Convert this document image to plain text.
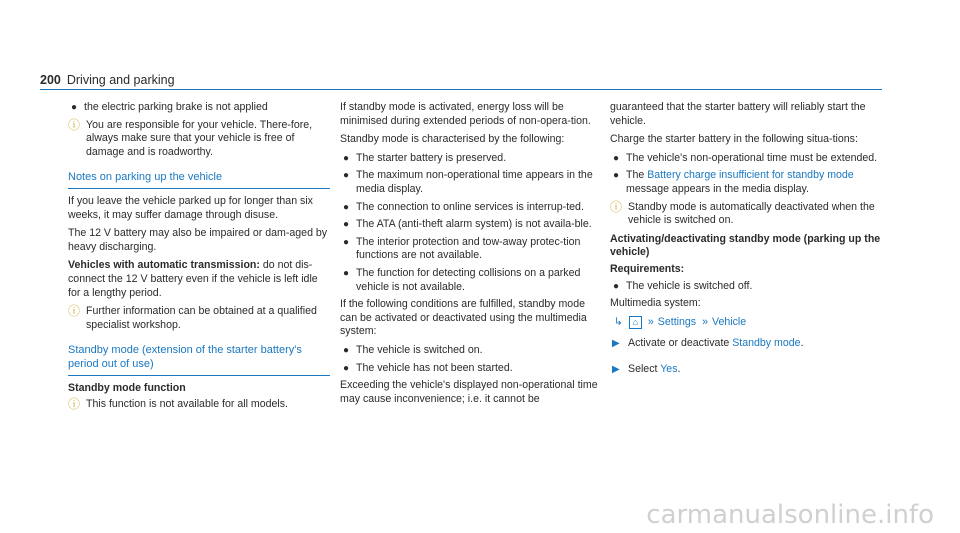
200 Driving and parking
● the electric parking brake is not applied
ⓘ You are responsible for your vehicle. There-fore, always make sure that your vehicle is free of damage and is roadworthy.
Notes on parking up the vehicle

If you leave the vehicle parked up for longer than six weeks, it may suffer damage through disuse.

The 12 V battery may also be impaired or dam-aged by heavy discharging.

Vehicles with automatic transmission: do not dis-connect the 12 V battery even if the vehicle is left idle for a lengthy period.

ⓘ Further information can be obtained at a qualified specialist workshop.
Standby mode (extension of the starter battery's period out of use)
Standby mode function
ⓘ This function is not available for all models.

If standby mode is activated, energy loss will be minimised during extended periods of non-opera-tion.

Standby mode is characterised by the following:

● The starter battery is preserved.
● The maximum non-operational time appears in the media display.
● The connection to online services is interrup-ted.
● The ATA (anti-theft alarm system) is not availa-ble.
● The interior protection and tow-away protec-tion functions are not available.
● The function for detecting collisions on a parked vehicle is not available.

If the following conditions are fulfilled, standby mode can be activated or deactivated using the multimedia system:

● The vehicle is switched on.
● The vehicle has not been started.

Exceeding the vehicle's displayed non-operational time may cause inconvenience; i.e. it cannot be

guaranteed that the starter battery will reliably start the vehicle.

Charge the starter battery in the following situa-tions:

● The vehicle's non-operational time must be extended.
● The Battery charge insufficient for standby mode message appears in the media display.
ⓘ Standby mode is automatically deactivated when the vehicle is switched on.
Activating/deactivating standby mode (parking up the vehicle)
Requirements:
● The vehicle is switched off.

Multimedia system:

↳ ⌂ » Settings » Vehicle
▶ Activate or deactivate Standby mode.
▶ Select Yes.
carmanualsonline.info
